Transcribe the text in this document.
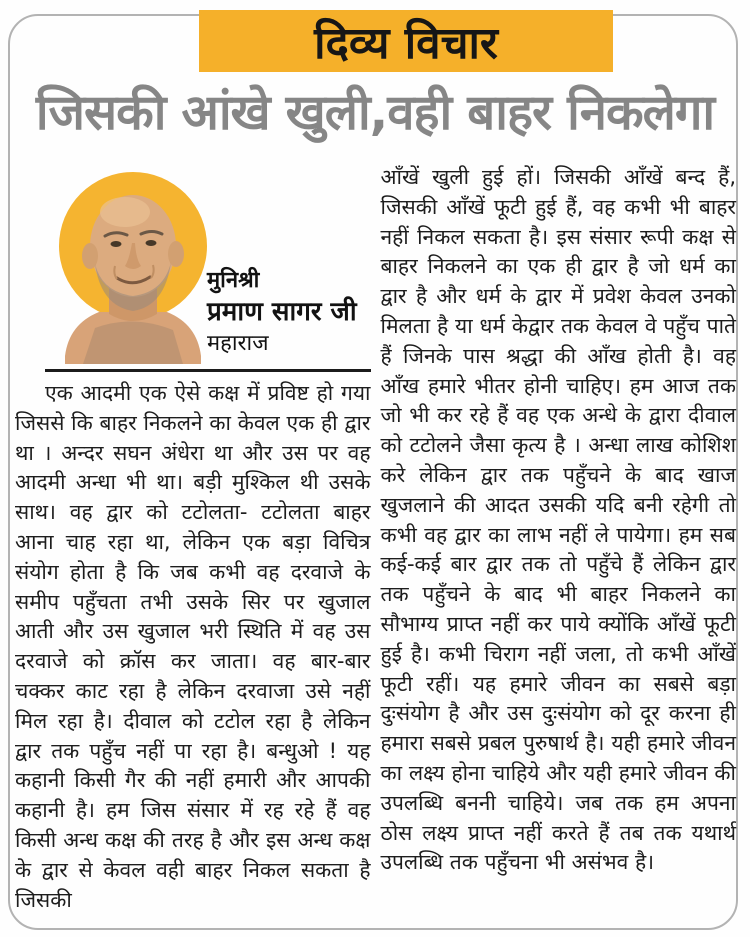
दिव्य विचार
जिसकी आंखे खुली,वही बाहर निकलेगा
मुनिश्री
प्रमाण सागर जी
महाराज

एक आदमी एक ऐसे कक्ष में प्रविष्ट हो गया जिससे कि बाहर निकलने का केवल एक ही द्वार था । अन्दर सघन अंधेरा था और उस पर वह आदमी अन्धा भी था। बड़ी मुश्किल थी उसके साथ। वह द्वार को टटोलता- टटोलता बाहर आना चाह रहा था, लेकिन एक बड़ा विचित्र संयोग होता है कि जब कभी वह दरवाजे के समीप पहुँचता तभी उसके सिर पर खुजाल आती और उस खुजाल भरी स्थिति में वह उस दरवाजे को क्रॉस कर जाता। वह बार-बार चक्कर काट रहा है लेकिन दरवाजा उसे नहीं मिल रहा है। दीवाल को टटोल रहा है लेकिन द्वार तक पहुँच नहीं पा रहा है। बन्धुओ ! यह कहानी किसी गैर की नहीं हमारी और आपकी कहानी है। हम जिस संसार में रह रहे हैं वह किसी अन्ध कक्ष की तरह है और इस अन्ध कक्ष के द्वार से केवल वही बाहर निकल सकता है जिसकी

आँखें खुली हुई हों। जिसकी आँखें बन्द हैं, जिसकी आँखें फूटी हुई हैं, वह कभी भी बाहर नहीं निकल सकता है। इस संसार रूपी कक्ष से बाहर निकलने का एक ही द्वार है जो धर्म का द्वार है और धर्म के द्वार में प्रवेश केवल उनको मिलता है या धर्म केद्वार तक केवल वे पहुँच पाते हैं जिनके पास श्रद्धा की आँख होती है। वह आँख हमारे भीतर होनी चाहिए। हम आज तक जो भी कर रहे हैं वह एक अन्धे के द्वारा दीवाल को टटोलने जैसा कृत्य है । अन्धा लाख कोशिश करे लेकिन द्वार तक पहुँचने के बाद खाज खुजलाने की आदत उसकी यदि बनी रहेगी तो कभी वह द्वार का लाभ नहीं ले पायेगा। हम सब कई-कई बार द्वार तक तो पहुँचे हैं लेकिन द्वार तक पहुँचने के बाद भी बाहर निकलने का सौभाग्य प्राप्त नहीं कर पाये क्योंकि आँखें फूटी हुई है। कभी चिराग नहीं जला, तो कभी आँखें फूटी रहीं। यह हमारे जीवन का सबसे बड़ा दुःसंयोग है और उस दुःसंयोग को दूर करना ही हमारा सबसे प्रबल पुरुषार्थ है। यही हमारे जीवन का लक्ष्य होना चाहिये और यही हमारे जीवन की उपलब्धि बननी चाहिये। जब तक हम अपना ठोस लक्ष्य प्राप्त नहीं करते हैं तब तक यथार्थ उपलब्धि तक पहुँचना भी असंभव है।
